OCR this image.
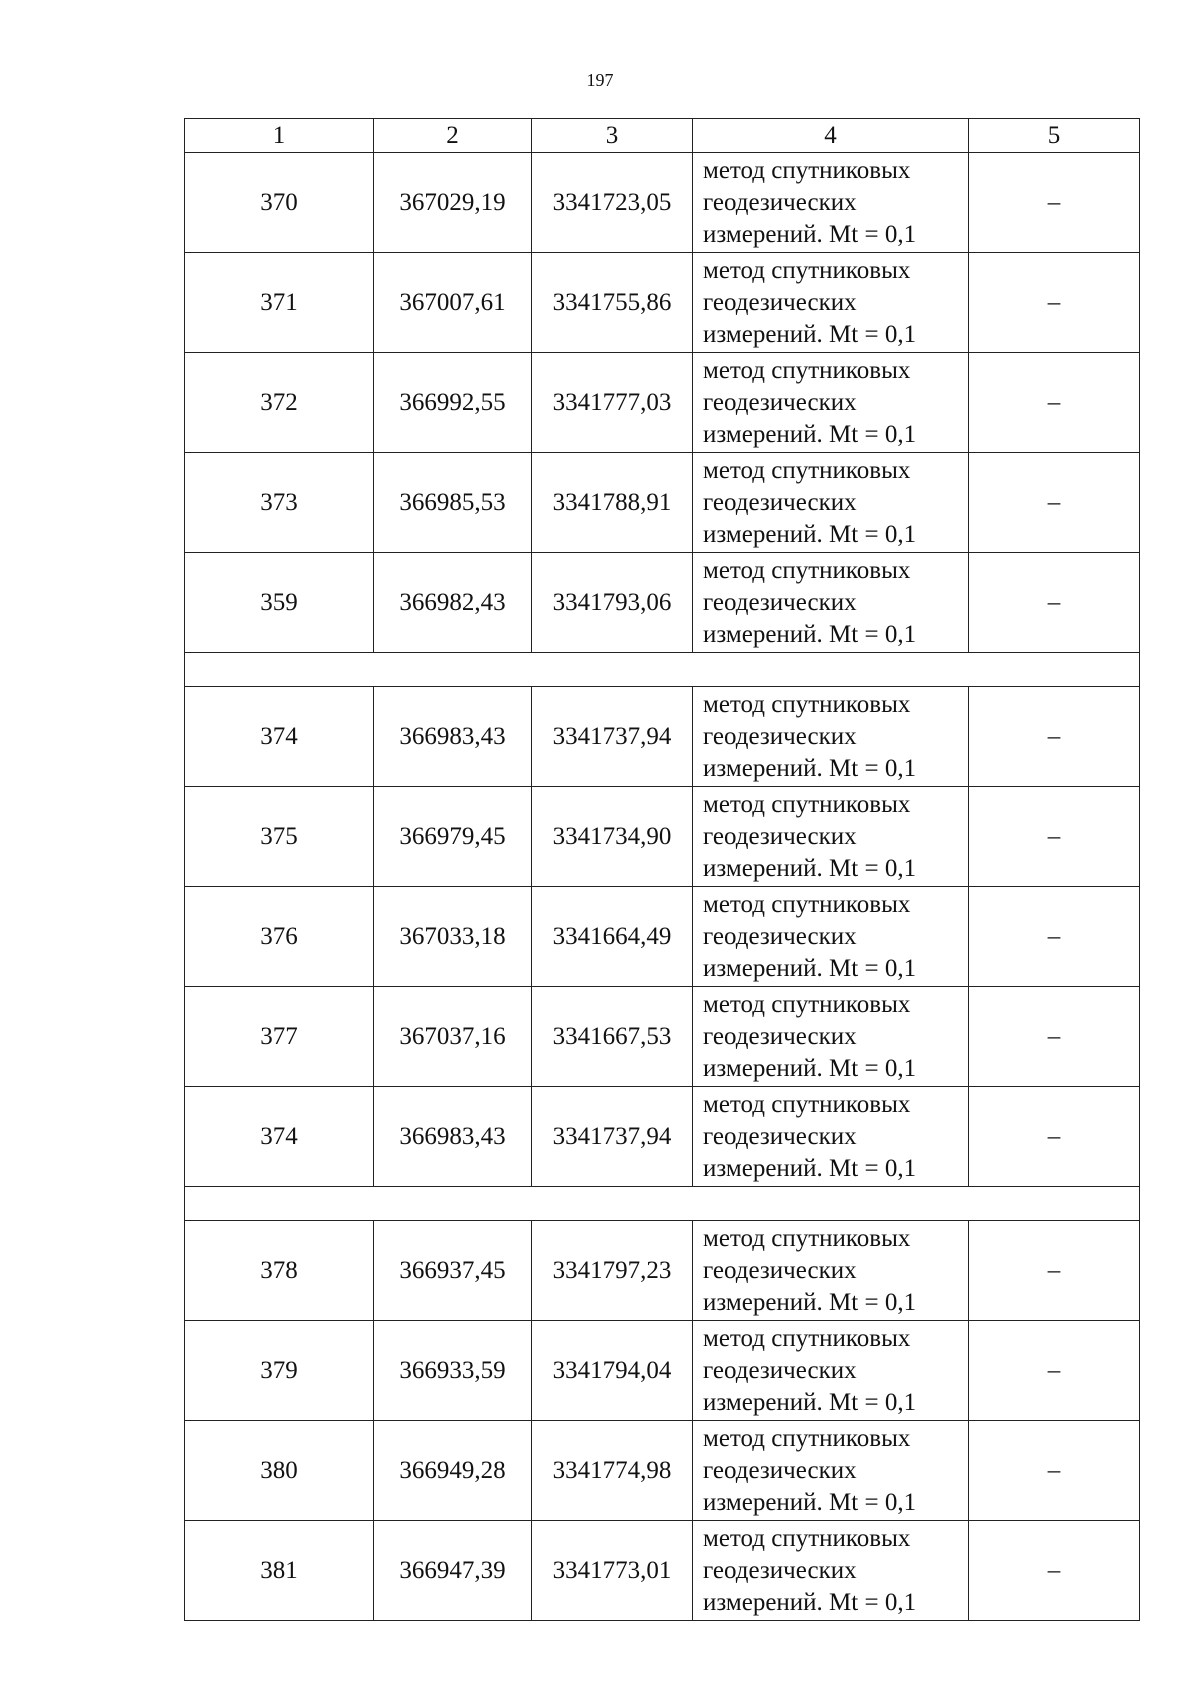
197
1	2	3	4	5
370	367029,19	3341723,05	метод спутниковых
геодезических
измерений. Mt = 0,1	–
371	367007,61	3341755,86	метод спутниковых
геодезических
измерений. Mt = 0,1	–
372	366992,55	3341777,03	метод спутниковых
геодезических
измерений. Mt = 0,1	–
373	366985,53	3341788,91	метод спутниковых
геодезических
измерений. Mt = 0,1	–
359	366982,43	3341793,06	метод спутниковых
геодезических
измерений. Mt = 0,1	–

374	366983,43	3341737,94	метод спутниковых
геодезических
измерений. Mt = 0,1	–
375	366979,45	3341734,90	метод спутниковых
геодезических
измерений. Mt = 0,1	–
376	367033,18	3341664,49	метод спутниковых
геодезических
измерений. Mt = 0,1	–
377	367037,16	3341667,53	метод спутниковых
геодезических
измерений. Mt = 0,1	–
374	366983,43	3341737,94	метод спутниковых
геодезических
измерений. Mt = 0,1	–

378	366937,45	3341797,23	метод спутниковых
геодезических
измерений. Mt = 0,1	–
379	366933,59	3341794,04	метод спутниковых
геодезических
измерений. Mt = 0,1	–
380	366949,28	3341774,98	метод спутниковых
геодезических
измерений. Mt = 0,1	–
381	366947,39	3341773,01	метод спутниковых
геодезических
измерений. Mt = 0,1	–
